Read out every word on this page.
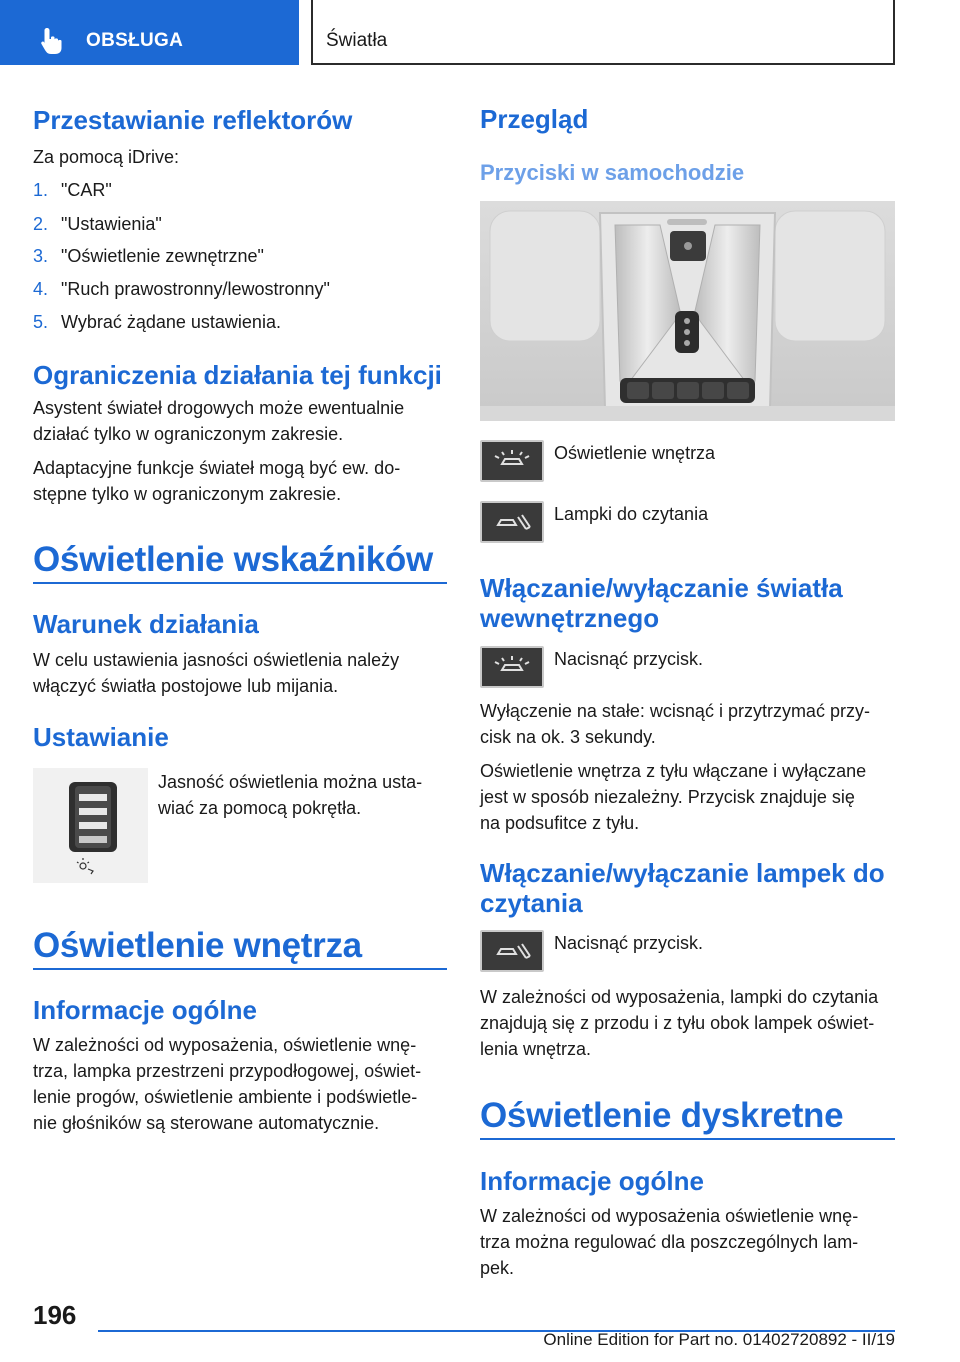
OBSŁUGA	Światła
Przestawianie reflektorów
Za pomocą iDrive:
1. "CAR"
2. "Ustawienia"
3. "Oświetlenie zewnętrzne"
4. "Ruch prawostronny/lewostronny"
5. Wybrać żądane ustawienia.
Ograniczenia działania tej funkcji
Asystent świateł drogowych może ewentualnie
działać tylko w ograniczonym zakresie.
Adaptacyjne funkcje świateł mogą być ew. do-
stępne tylko w ograniczonym zakresie.
Oświetlenie wskaźników
Warunek działania
W celu ustawienia jasności oświetlenia należy
włączyć światła postojowe lub mijania.
Ustawianie
Jasność oświetlenia można usta-
wiać za pomocą pokrętła.
Oświetlenie wnętrza
Informacje ogólne
W zależności od wyposażenia, oświetlenie wnę-
trza, lampka przestrzeni przypodłogowej, oświet-
lenie progów, oświetlenie ambiente i podświetle-
nie głośników są sterowane automatycznie.
Przegląd
Przyciski w samochodzie
Oświetlenie wnętrza
Lampki do czytania
Włączanie/wyłączanie światła
wewnętrznego
Nacisnąć przycisk.
Wyłączenie na stałe: wcisnąć i przytrzymać przy-
cisk na ok. 3 sekundy.
Oświetlenie wnętrza z tyłu włączane i wyłączane
jest w sposób niezależny. Przycisk znajduje się
na podsufitce z tyłu.
Włączanie/wyłączanie lampek do
czytania
Nacisnąć przycisk.
W zależności od wyposażenia, lampki do czytania
znajdują się z przodu i z tyłu obok lampek oświet-
lenia wnętrza.
Oświetlenie dyskretne
Informacje ogólne
W zależności od wyposażenia oświetlenie wnę-
trza można regulować dla poszczególnych lam-
pek.
196
Online Edition for Part no. 01402720892 - II/19
